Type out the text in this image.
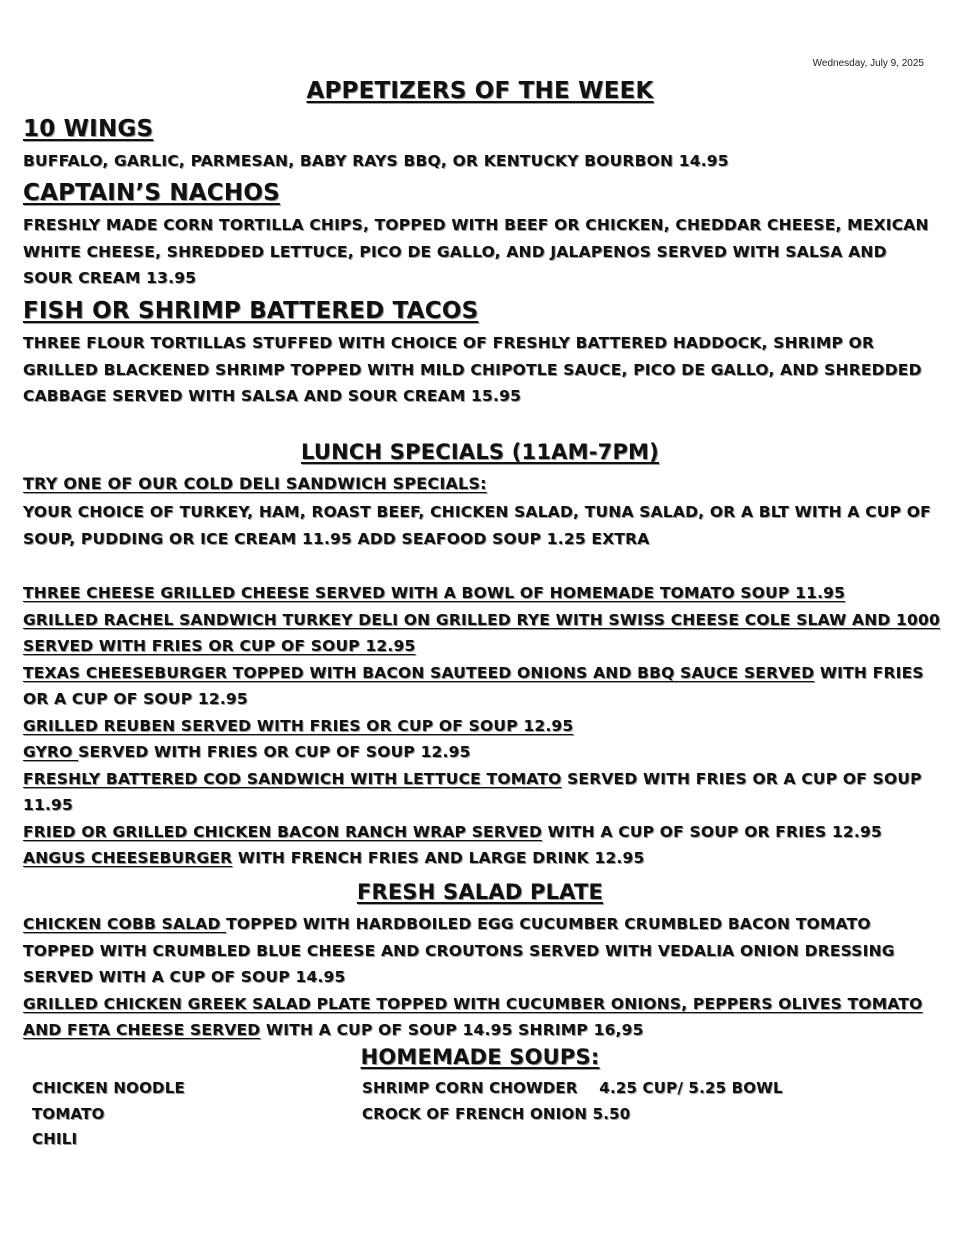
Wednesday, July 9, 2025
APPETIZERS OF THE WEEK
10 WINGS
BUFFALO, GARLIC, PARMESAN, BABY RAYS BBQ, OR KENTUCKY BOURBON 14.95
CAPTAIN’S NACHOS
FRESHLY MADE CORN TORTILLA CHIPS, TOPPED WITH BEEF OR CHICKEN, CHEDDAR CHEESE, MEXICAN WHITE CHEESE, SHREDDED LETTUCE, PICO DE GALLO, AND JALAPENOS SERVED WITH SALSA AND SOUR CREAM 13.95
FISH OR SHRIMP BATTERED TACOS
THREE FLOUR TORTILLAS STUFFED WITH CHOICE OF FRESHLY BATTERED HADDOCK, SHRIMP OR GRILLED BLACKENED SHRIMP TOPPED WITH MILD CHIPOTLE SAUCE, PICO DE GALLO, AND SHREDDED CABBAGE SERVED WITH SALSA AND SOUR CREAM 15.95
LUNCH SPECIALS (11AM-7PM)
TRY ONE OF OUR COLD DELI SANDWICH SPECIALS:
YOUR CHOICE OF TURKEY, HAM, ROAST BEEF, CHICKEN SALAD, TUNA SALAD, OR A BLT WITH A CUP OF SOUP, PUDDING OR ICE CREAM 11.95 ADD SEAFOOD SOUP 1.25 EXTRA
THREE CHEESE GRILLED CHEESE SERVED WITH A BOWL OF HOMEMADE TOMATO SOUP 11.95
GRILLED RACHEL SANDWICH TURKEY DELI ON GRILLED RYE WITH SWISS CHEESE COLE SLAW AND 1000 SERVED WITH FRIES OR CUP OF SOUP 12.95
TEXAS CHEESEBURGER TOPPED WITH BACON SAUTEED ONIONS AND BBQ SAUCE SERVED WITH FRIES OR A CUP OF SOUP 12.95
GRILLED REUBEN SERVED WITH FRIES OR CUP OF SOUP 12.95
GYRO SERVED WITH FRIES OR CUP OF SOUP 12.95
FRESHLY BATTERED COD SANDWICH WITH LETTUCE TOMATO SERVED WITH FRIES OR A CUP OF SOUP 11.95
FRIED OR GRILLED CHICKEN BACON RANCH WRAP SERVED WITH A CUP OF SOUP OR FRIES 12.95
ANGUS CHEESEBURGER WITH FRENCH FRIES AND LARGE DRINK 12.95
FRESH SALAD PLATE
CHICKEN COBB SALAD TOPPED WITH HARDBOILED EGG CUCUMBER CRUMBLED BACON TOMATO TOPPED WITH CRUMBLED BLUE CHEESE AND CROUTONS SERVED WITH VEDALIA ONION DRESSING SERVED WITH A CUP OF SOUP 14.95
GRILLED CHICKEN GREEK SALAD PLATE TOPPED WITH CUCUMBER ONIONS, PEPPERS OLIVES TOMATO AND FETA CHEESE SERVED WITH A CUP OF SOUP 14.95 SHRIMP 16,95
HOMEMADE SOUPS:
CHICKEN NOODLE
TOMATO
CHILI
SHRIMP CORN CHOWDER    4.25 CUP/ 5.25 BOWL
CROCK OF FRENCH ONION 5.50
